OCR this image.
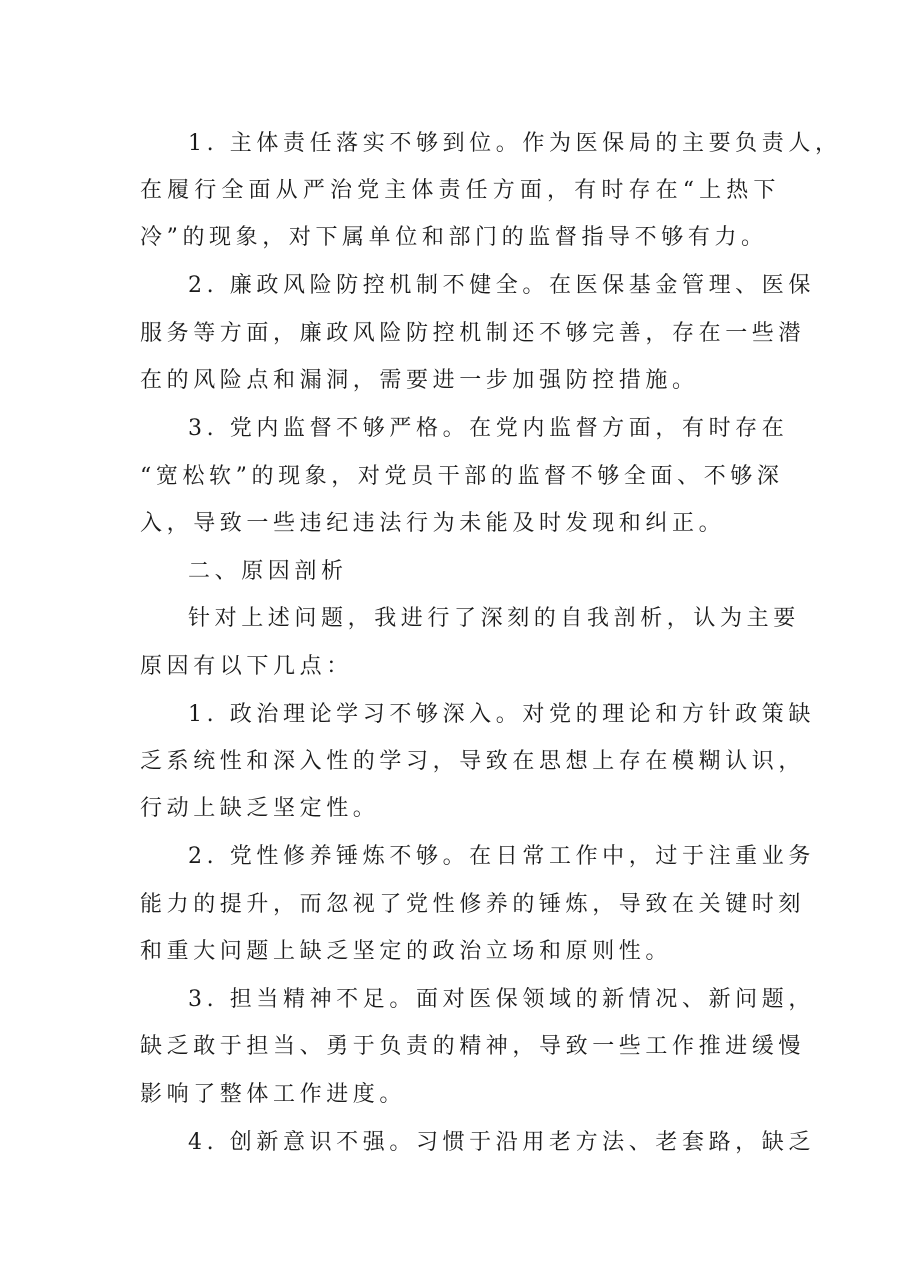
1. 主体责任落实不够到位。作为医保局的主要负责人，
在履行全面从严治党主体责任方面，有时存在“上热下
冷”的现象，对下属单位和部门的监督指导不够有力。
2. 廉政风险防控机制不健全。在医保基金管理、医保
服务等方面，廉政风险防控机制还不够完善，存在一些潜
在的风险点和漏洞，需要进一步加强防控措施。
3. 党内监督不够严格。在党内监督方面，有时存在
“宽松软”的现象，对党员干部的监督不够全面、不够深
入，导致一些违纪违法行为未能及时发现和纠正。
二、原因剖析
针对上述问题，我进行了深刻的自我剖析，认为主要
原因有以下几点：
1. 政治理论学习不够深入。对党的理论和方针政策缺
乏系统性和深入性的学习，导致在思想上存在模糊认识，
行动上缺乏坚定性。
2. 党性修养锤炼不够。在日常工作中，过于注重业务
能力的提升，而忽视了党性修养的锤炼，导致在关键时刻
和重大问题上缺乏坚定的政治立场和原则性。
3. 担当精神不足。面对医保领域的新情况、新问题，
缺乏敢于担当、勇于负责的精神，导致一些工作推进缓慢
影响了整体工作进度。
4. 创新意识不强。习惯于沿用老方法、老套路，缺乏
